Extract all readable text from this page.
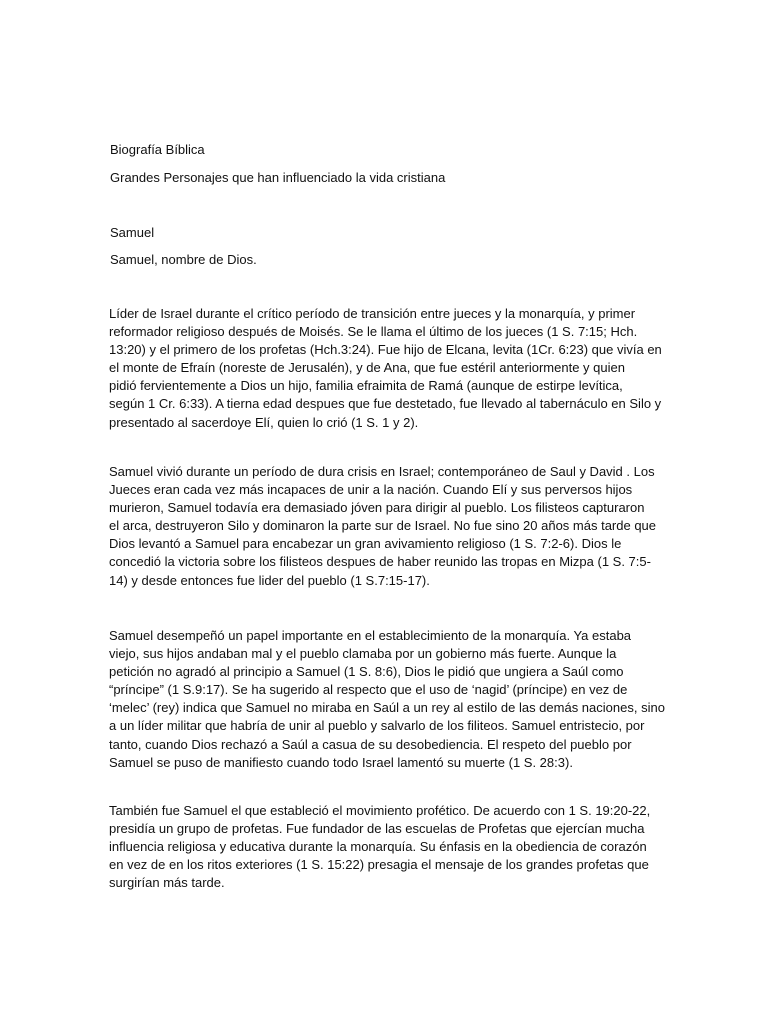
Biografía Bíblica
Grandes Personajes que han influenciado la vida cristiana
Samuel
Samuel, nombre de Dios.
Líder de Israel durante el crítico período de transición entre jueces y la monarquía, y primer
reformador religioso después de Moisés. Se le llama el último de los jueces (1 S. 7:15; Hch.
13:20) y el primero de los profetas (Hch.3:24). Fue hijo de Elcana, levita (1Cr. 6:23) que vivía en
el monte de Efraín (noreste de Jerusalén), y de Ana, que fue estéril anteriormente y quien
pidió fervientemente a Dios un hijo, familia efraimita de Ramá (aunque de estirpe levítica,
según 1 Cr. 6:33). A tierna edad despues que fue destetado, fue llevado al tabernáculo en Silo y
presentado al sacerdoye Elí, quien lo crió (1 S. 1 y 2).
Samuel vivió durante un período de dura crisis en Israel; contemporáneo de Saul y David . Los
Jueces eran cada vez más incapaces de unir a la nación. Cuando Elí y sus perversos hijos
murieron, Samuel todavía era demasiado jóven para dirigir al pueblo. Los filisteos capturaron
el arca, destruyeron Silo y dominaron la parte sur de Israel. No fue sino 20 años más tarde que
Dios levantó a Samuel para encabezar un gran avivamiento religioso (1 S. 7:2-6). Dios le
concedió la victoria sobre los filisteos despues de haber reunido las tropas en Mizpa (1 S. 7:5-
14) y desde entonces fue lider del pueblo (1 S.7:15-17).
Samuel desempeñó un papel importante en el establecimiento de la monarquía. Ya estaba
viejo, sus hijos andaban mal y el pueblo clamaba por un gobierno más fuerte. Aunque la
petición no agradó al principio a Samuel (1 S. 8:6), Dios le pidió que ungiera a Saúl como
“príncipe” (1 S.9:17). Se ha sugerido al respecto que el uso de ‘nagid’ (príncipe) en vez de
‘melec’ (rey) indica que Samuel no miraba en Saúl a un rey al estilo de las demás naciones, sino
a un líder militar que habría de unir al pueblo y salvarlo de los filiteos. Samuel entristecio, por
tanto, cuando Dios rechazó a Saúl a casua de su desobediencia. El respeto del pueblo por
Samuel se puso de manifiesto cuando todo Israel lamentó su muerte (1 S. 28:3).
También fue Samuel el que estableció el movimiento profético. De acuerdo con 1 S. 19:20-22,
presidía un grupo de profetas. Fue fundador de las escuelas de Profetas que ejercían mucha
influencia religiosa y educativa durante la monarquía. Su énfasis en la obediencia de corazón
en vez de en los ritos exteriores (1 S. 15:22) presagia el mensaje de los grandes profetas que
surgirían más tarde.
